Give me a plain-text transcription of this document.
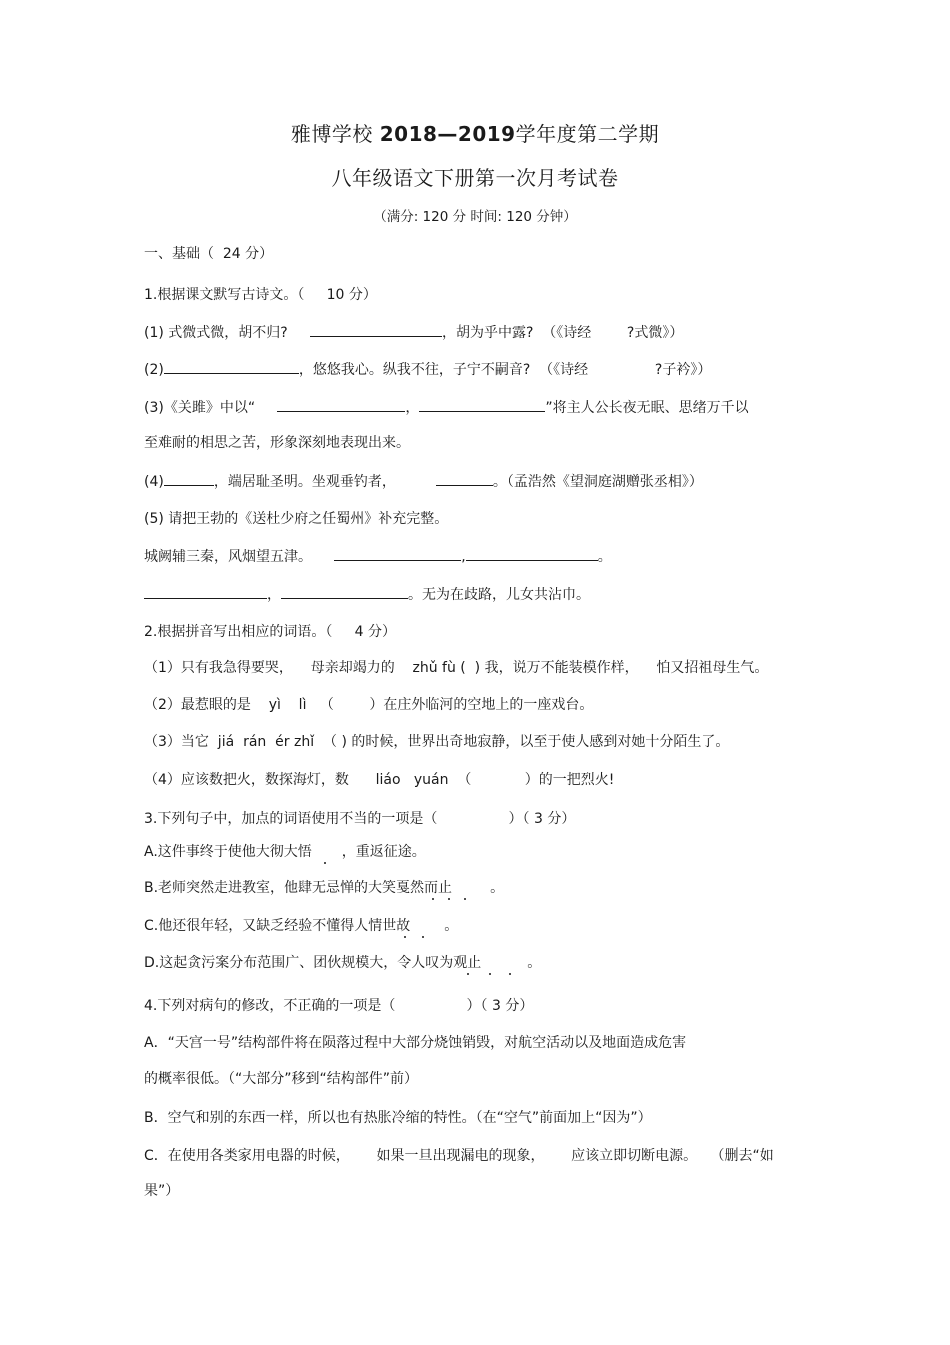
雅博学校 2018—2019学年度第二学期
八年级语文下册第一次月考试卷
（满分: 120 分 时间: 120 分钟）
一、基础（  24 分）
1.根据课文默写古诗文。（     10 分）
(1) 式微式微，胡不归?	，胡为乎中露?  （《诗经        ?式微》）
(2)	，悠悠我心。纵我不往，子宁不嗣音?  （《诗经               ?子衿》）
(3)《关雎》中以“	，	”将主人公长夜无眠、思绪万千以
至难耐的相思之苦，形象深刻地表现出来。
(4)	，端居耻圣明。坐观垂钓者，	。（孟浩然《望洞庭湖赠张丞相》）
(5) 请把王勃的《送杜少府之任蜀州》补充完整。
城阙辅三秦，风烟望五津。	,	。
，	。无为在歧路，儿女共沾巾。
2.根据拼音写出相应的词语。（     4 分）
（1）只有我急得要哭，    母亲却竭力的    zhǔ fù (  ) 我，说万不能装模作样，    怕又招祖母生气。
（2）最惹眼的是    yì    lì   （        ）在庄外临河的空地上的一座戏台。
（3）当它  jiá  rán  ér zhǐ  （ ) 的时候，世界出奇地寂静，以至于使人感到对她十分陌生了。
（4）应该数把火，数探海灯，数      liáo   yuán  （            ）的一把烈火!
3.下列句子中，加点的词语使用不当的一项是（                ）（ 3 分）
A.这件事终于使他大彻大悟 ，重返征途。
B.老师突然走进教室，他肆无忌惮的大笑戛然而止	。
C.他还很年轻，又缺乏经验不懂得人情世故 。
D.这起贪污案分布范围广、团伙规模大，令人叹为观止	。
4.下列对病句的修改，不正确的一项是（                ）（ 3 分）
A．“天宫一号”结构部件将在陨落过程中大部分烧蚀销毁，对航空活动以及地面造成危害
的概率很低。（“大部分”移到“结构部件”前）
B．空气和别的东西一样，所以也有热胀冷缩的特性。（在“空气”前面加上“因为”）
C．在使用各类家用电器的时候，      如果一旦出现漏电的现象，      应该立即切断电源。   （删去“如
果”）
